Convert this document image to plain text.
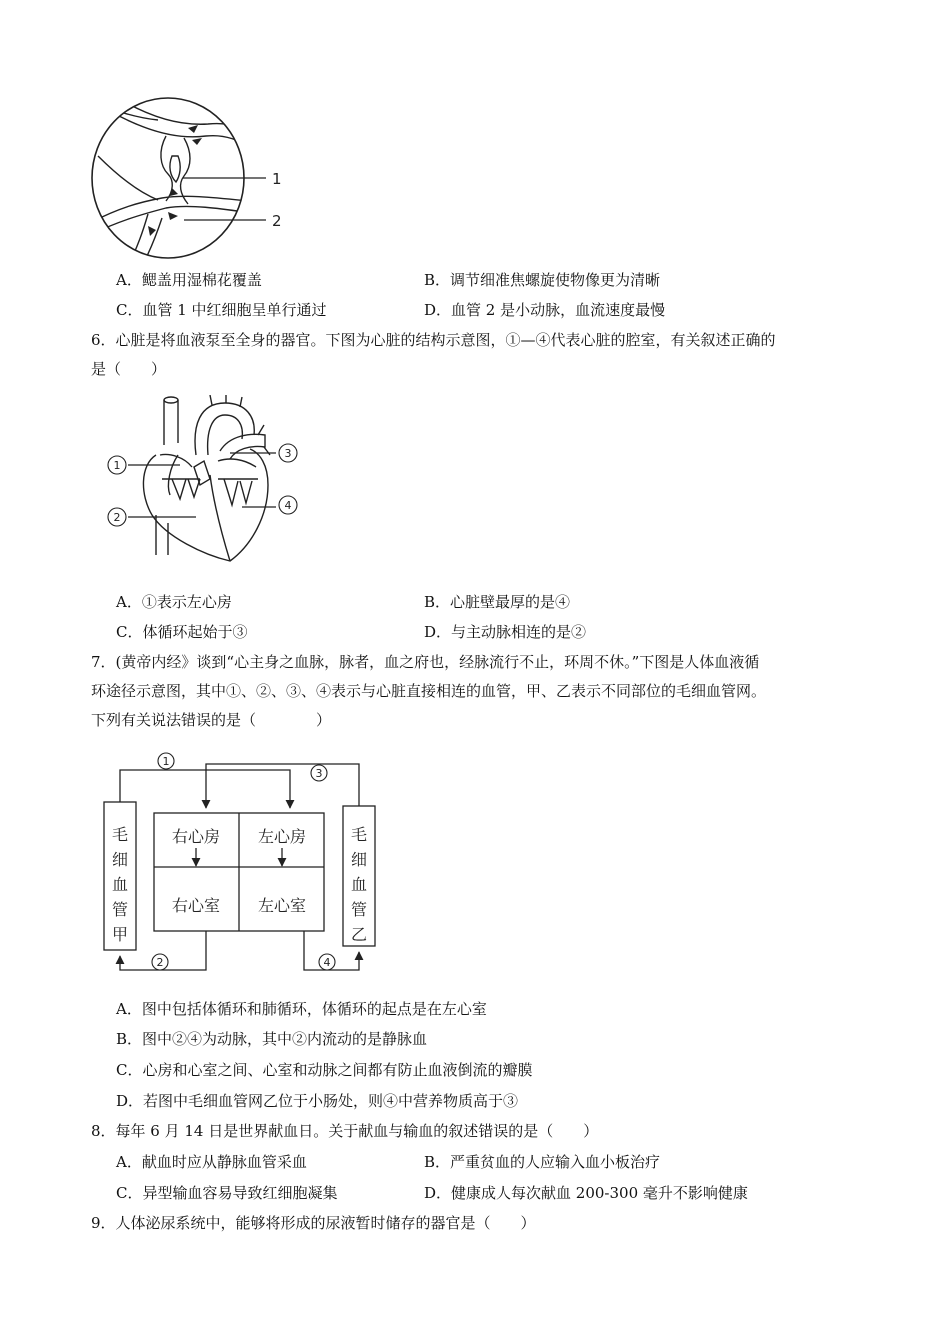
1
2
A．鳃盖用湿棉花覆盖	B．调节细准焦螺旋使物像更为清晰
C．血管 1 中红细胞呈单行通过	D．血管 2 是小动脉，血流速度最慢
6．心脏是将血液泵至全身的器官。下图为心脏的结构示意图，①—④代表心脏的腔室，有关叙述正确的
是（　　）
1
2
3
4
A．①表示左心房	B．心脏壁最厚的是④
C．体循环起始于③	D．与主动脉相连的是②
7．(黄帝内经》谈到“心主身之血脉，脉者，血之府也，经脉流行不止，环周不休。”下图是人体血液循
环途径示意图，其中①、②、③、④表示与心脏直接相连的血管，甲、乙表示不同部位的毛细血管网。
下列有关说法错误的是（　　　　）
右心房 左心房
右心室 左心室
毛
细
血
管
甲
毛
细
血
管
乙
1
3
2	4
A．图中包括体循环和肺循环，体循环的起点是在左心室
B．图中②④为动脉，其中②内流动的是静脉血
C．心房和心室之间、心室和动脉之间都有防止血液倒流的瓣膜
D．若图中毛细血管网乙位于小肠处，则④中营养物质高于③
8．每年 6 月 14 日是世界献血日。关于献血与输血的叙述错误的是（　　）
A．献血时应从静脉血管采血	B．严重贫血的人应输入血小板治疗
C．异型输血容易导致红细胞凝集	D．健康成人每次献血 200-300 毫升不影响健康
9．人体泌尿系统中，能够将形成的尿液暂时储存的器官是（　　）
